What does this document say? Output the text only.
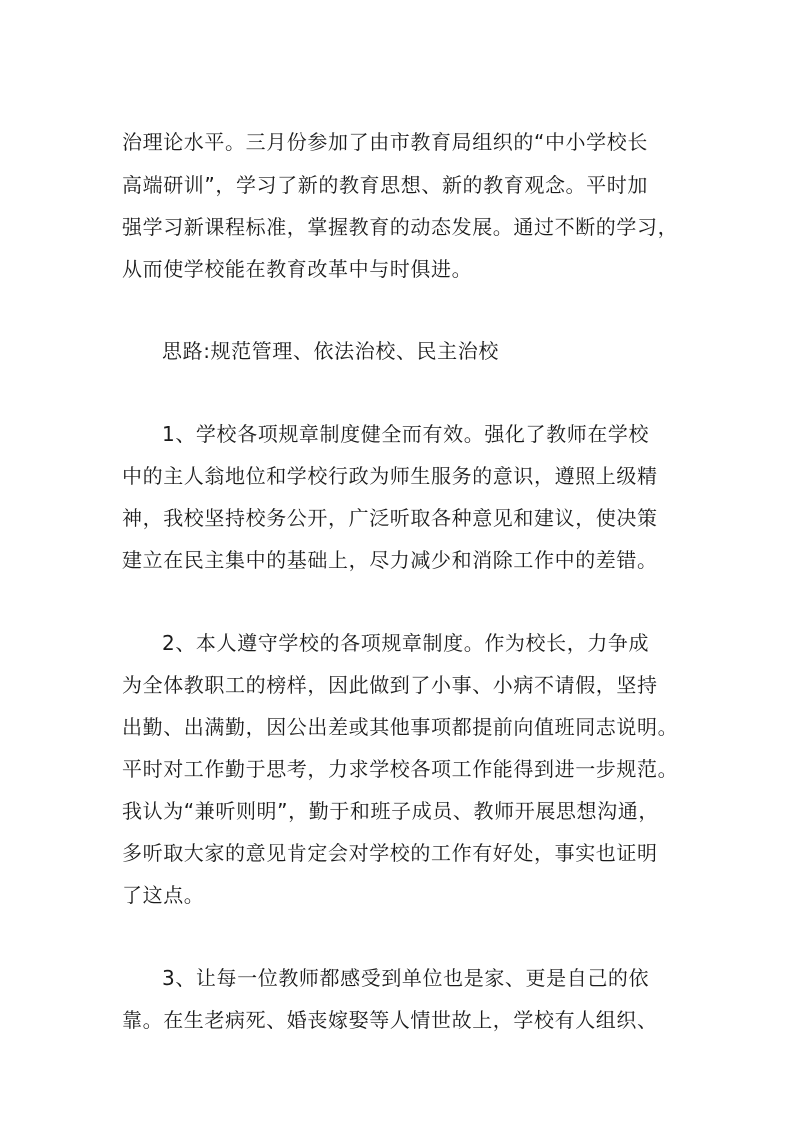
治理论水平。三月份参加了由市教育局组织的“中小学校长
高端研训”，学习了新的教育思想、新的教育观念。平时加
强学习新课程标准，掌握教育的动态发展。通过不断的学习，
从而使学校能在教育改革中与时俱进。
思路:规范管理、依法治校、民主治校
1、学校各项规章制度健全而有效。强化了教师在学校
中的主人翁地位和学校行政为师生服务的意识，遵照上级精
神，我校坚持校务公开，广泛听取各种意见和建议，使决策
建立在民主集中的基础上，尽力减少和消除工作中的差错。
2、本人遵守学校的各项规章制度。作为校长，力争成
为全体教职工的榜样，因此做到了小事、小病不请假，坚持
出勤、出满勤，因公出差或其他事项都提前向值班同志说明。
平时对工作勤于思考，力求学校各项工作能得到进一步规范。
我认为“兼听则明”，勤于和班子成员、教师开展思想沟通，
多听取大家的意见肯定会对学校的工作有好处，事实也证明
了这点。
3、让每一位教师都感受到单位也是家、更是自己的依
靠。在生老病死、婚丧嫁娶等人情世故上，学校有人组织、
